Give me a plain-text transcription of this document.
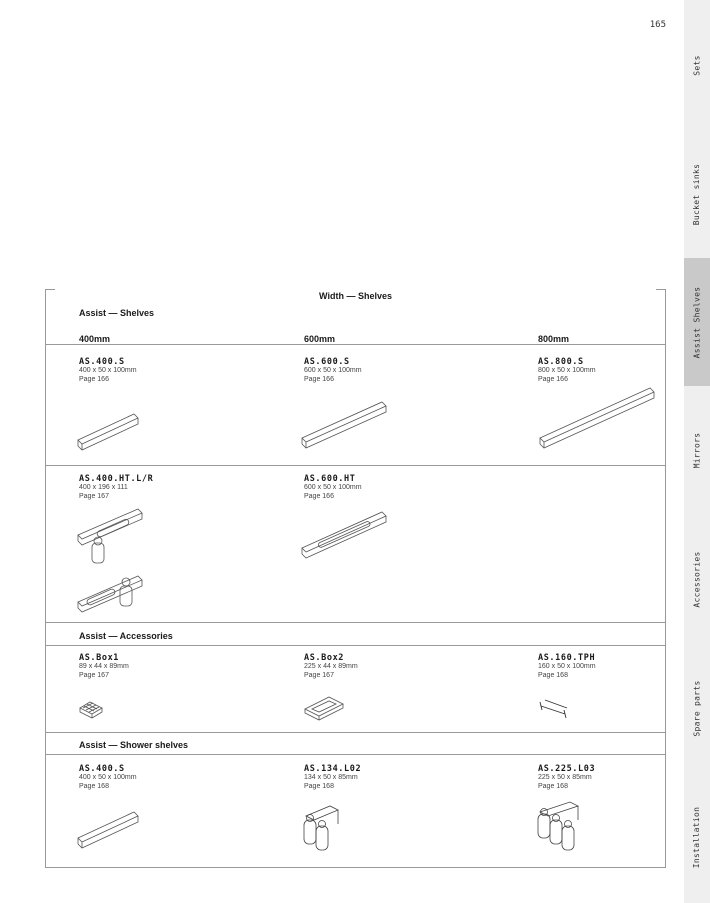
165
Sets
Bucket sinks
Assist Shelves
Mirrors
Accessories
Spare parts
Installation
Width — Shelves
Assist — Shelves
400mm	600mm	800mm
AS.400.S
400 x 50 x 100mm
Page 166
AS.600.S
600 x 50 x 100mm
Page 166
AS.800.S
800 x 50 x 100mm
Page 166
AS.400.HT.L/R
400 x 196 x 111
Page 167
AS.600.HT
600 x 50 x 100mm
Page 166
Assist — Accessories
AS.Box1
89 x 44 x 89mm
Page 167
AS.Box2
225 x 44 x 89mm
Page 167
AS.160.TPH
160 x 50 x 100mm
Page 168
Assist — Shower shelves
AS.400.S
400 x 50 x 100mm
Page 168
AS.134.L02
134 x 50 x 85mm
Page 168
AS.225.L03
225 x 50 x 85mm
Page 168
